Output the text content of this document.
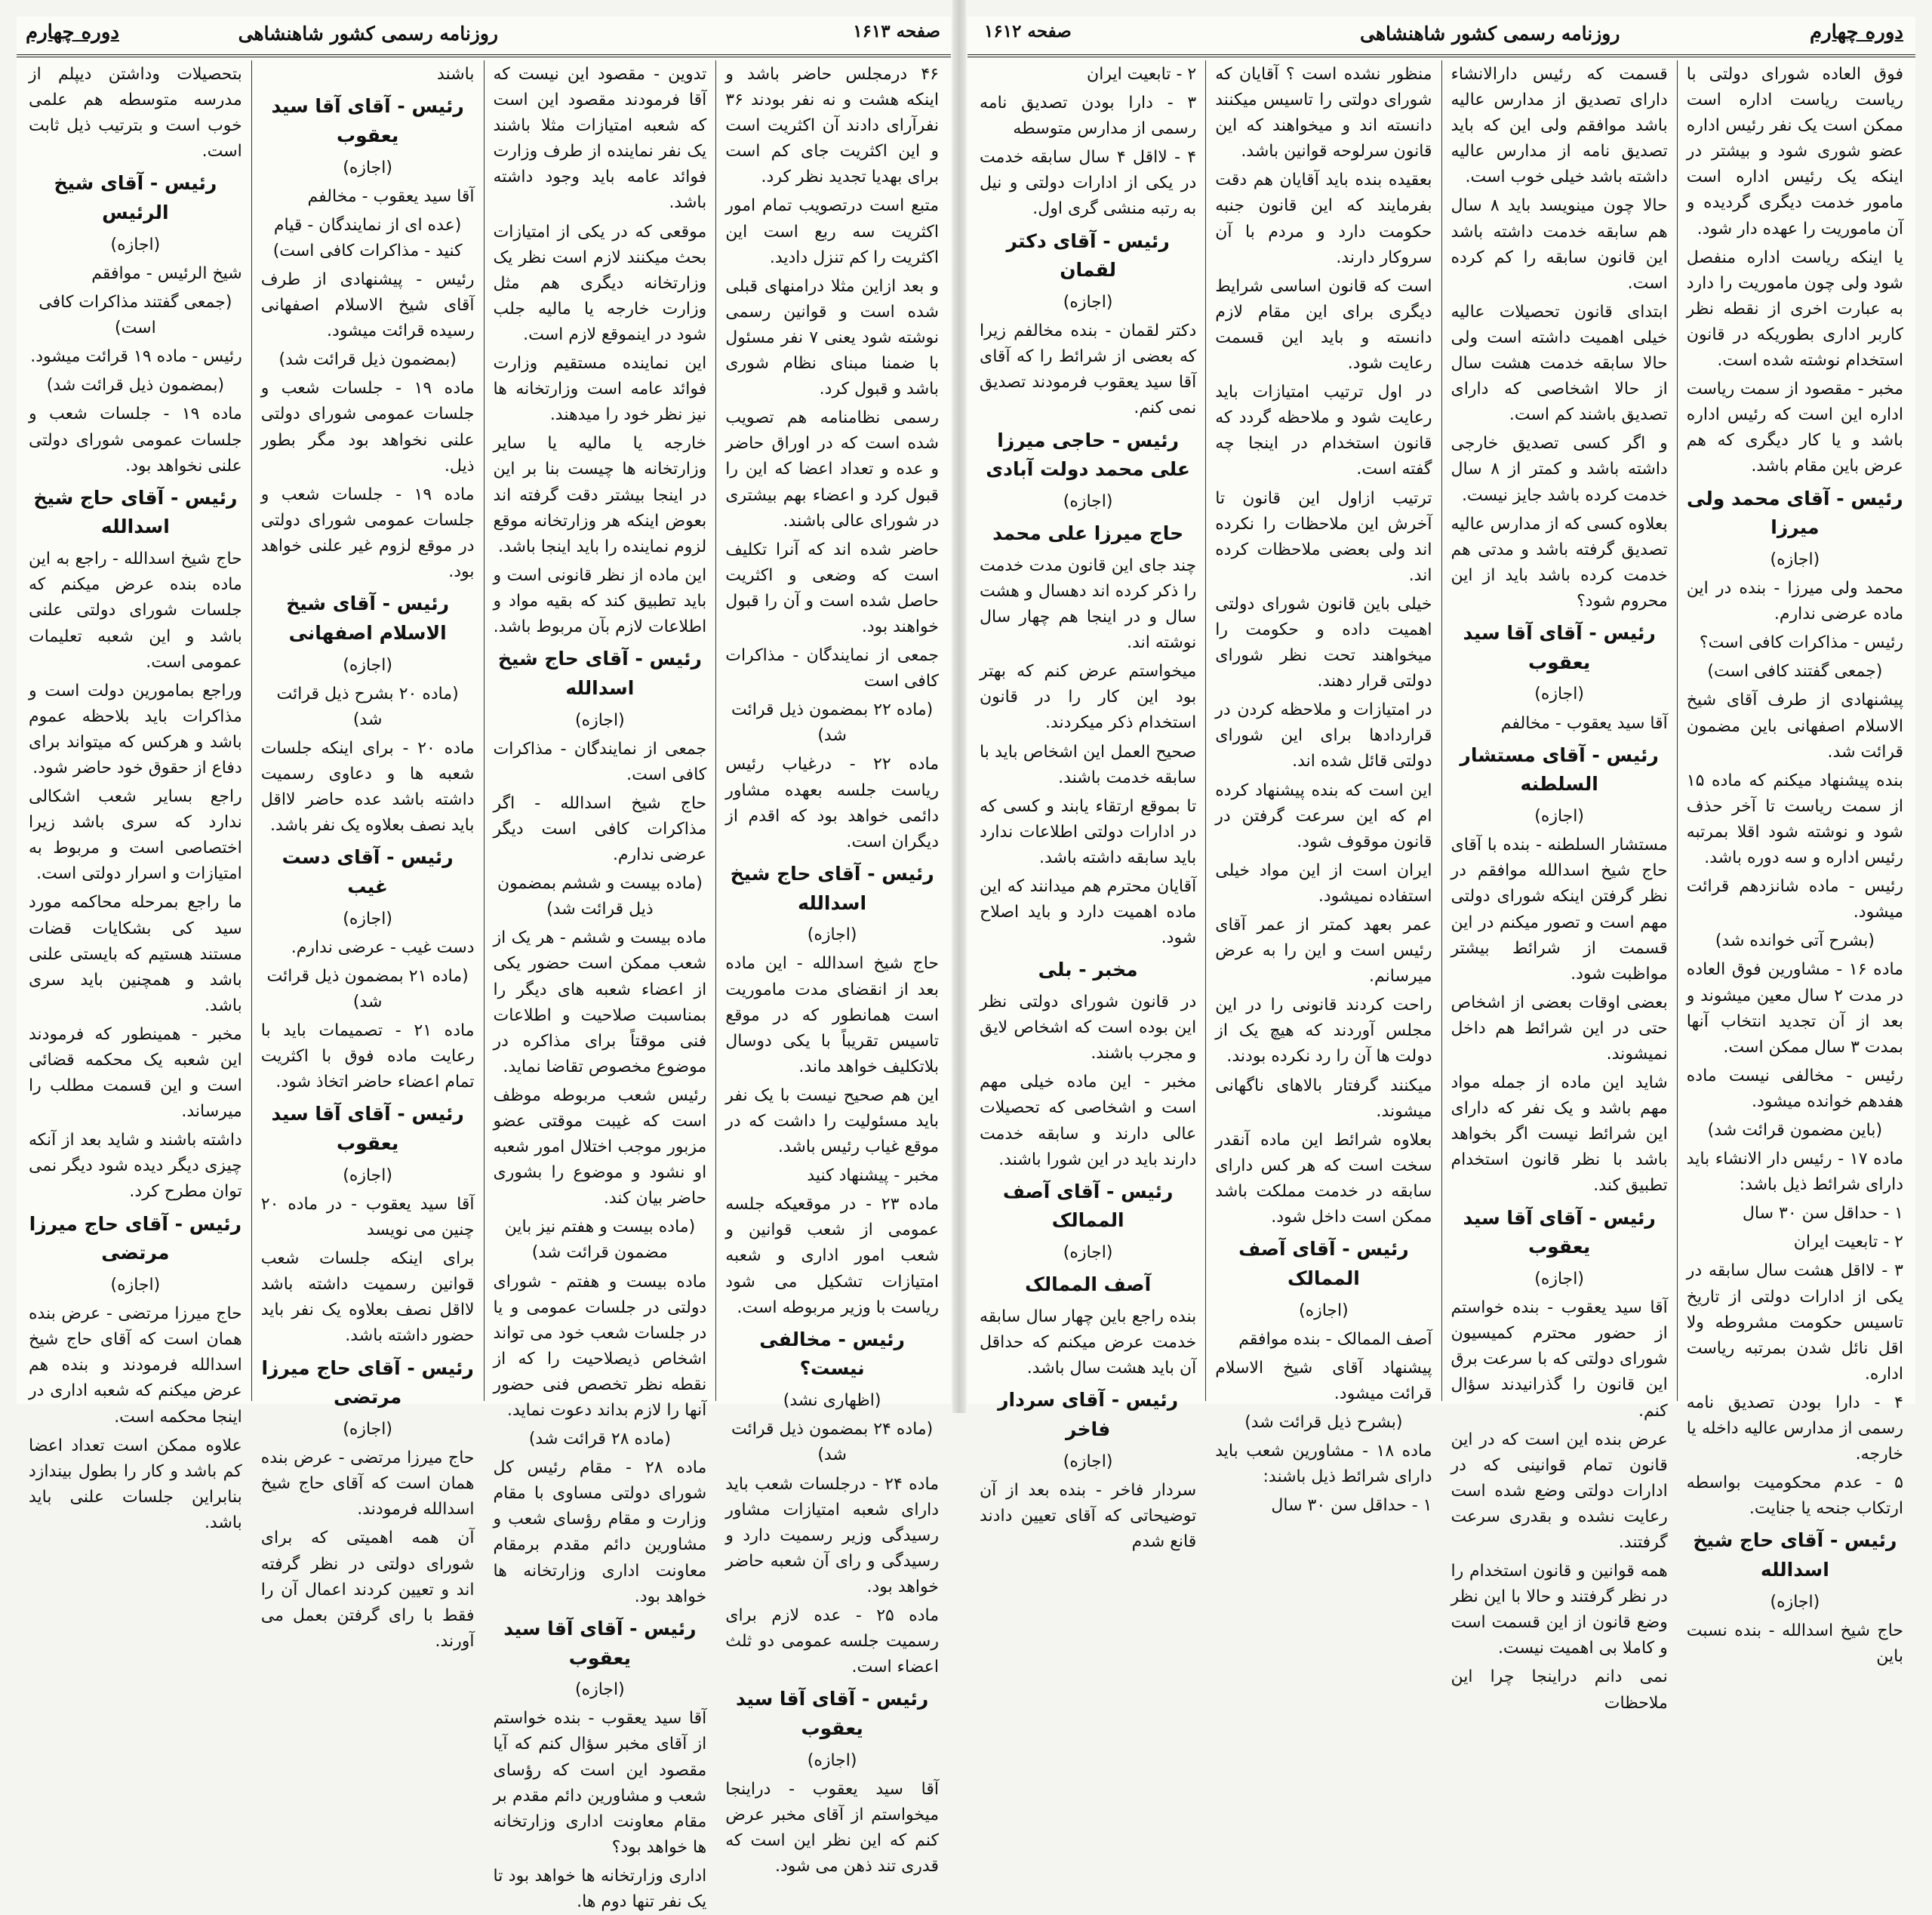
صفحه ۱۶۱۳
روزنامه رسمی کشور شاهنشاهی
دوره چهارم

۴۶ درمجلس حاضر باشد و اینکه هشت و نه نفر بودند ۳۶ نفرآرای دادند آن اکثریت است و این اکثریت جای کم است برای بهدیا تجدید نظر کرد.

متبع است درتصویب تمام امور اکثریت سه ربع است این اکثریت را کم تنزل دادید.

و بعد ازاین مثلا درامنهای قبلی شده است و قوانین رسمی نوشته شود یعنی ۷ نفر مسئول با ضمنا مبنای نظام شوری باشد و قبول کرد.

رسمی نظامنامه هم تصویب شده است که در اوراق حاضر و عده و تعداد اعضا که این را قبول کرد و اعضاء بهم بیشتری در شورای عالی باشند.

حاضر شده اند که آنرا تکلیف است که وضعی و اکثریت حاصل شده است و آن را قبول خواهند بود.

جمعی از نمایندگان - مذاکرات کافی است

(ماده ۲۲ بمضمون ذیل قرائت شد)

ماده ۲۲ - درغیاب رئیس ریاست جلسه بعهده مشاور دائمی خواهد بود که اقدم از دیگران است.

رئیس - آقای حاج شیخ اسدالله

(اجازه)

حاج شیخ اسدالله - این ماده بعد از انقضای مدت ماموریت است همانطور که در موقع تاسیس تقریباً با یکی دوسال بلاتکلیف خواهد ماند.

این هم صحیح نیست با یک نفر باید مسئولیت را داشت که در موقع غیاب رئیس باشد.

مخبر - پیشنهاد کنید

ماده ۲۳ - در موقعیکه جلسه عمومی از شعب قوانین و شعب امور اداری و شعبه امتیازات تشکیل می شود ریاست با وزیر مربوطه است.

رئیس - مخالفی نیست؟

(اظهاری نشد)

(ماده ۲۴ بمضمون ذیل قرائت شد)

ماده ۲۴ - درجلسات شعب باید دارای شعبه امتیازات مشاور رسیدگی وزیر رسمیت دارد و رسیدگی و رای آن شعبه حاضر خواهد بود.

ماده ۲۵ - عده لازم برای رسمیت جلسه عمومی دو ثلث اعضاء است.

رئیس - آقای آقا سید یعقوب

(اجازه)

آقا سید یعقوب - دراینجا میخواستم از آقای مخبر عرض کنم که این نظر این است که قدری تند ذهن می شود.

تدوین - مقصود این نیست که آقا فرمودند مقصود این است که شعبه امتیازات مثلا باشند یک نفر نماینده از طرف وزارت فوائد عامه باید وجود داشته باشد.

موقعی که در یکی از امتیازات بحث میکنند لازم است نظر یک وزارتخانه دیگری هم مثل وزارت خارجه یا مالیه جلب شود در اینموقع لازم است.

این نماینده مستقیم وزارت فوائد عامه است وزارتخانه ها نیز نظر خود را میدهند.

خارجه یا مالیه یا سایر وزارتخانه ها چیست بنا بر این در اینجا بیشتر دقت گرفته اند بعوض اینکه هر وزارتخانه موقع لزوم نماینده را باید اینجا باشد.

این ماده از نظر قانونی است و باید تطبیق کند که بقیه مواد و اطلاعات لازم بآن مربوط باشد.

رئیس - آقای حاج شیخ اسدالله

(اجازه)

جمعی از نمایندگان - مذاکرات کافی است.

حاج شیخ اسدالله - اگر مذاکرات کافی است دیگر عرضی ندارم.

(ماده بیست و ششم بمضمون ذیل قرائت شد)

ماده بیست و ششم - هر یک از شعب ممکن است حضور یکی از اعضاء شعبه های دیگر را بمناسبت صلاحیت و اطلاعات فنی موقتاً برای مذاکره در موضوع مخصوص تقاضا نماید.

رئیس شعب مربوطه موظف است که غیبت موقتی عضو مزبور موجب اختلال امور شعبه او نشود و موضوع را بشوری حاضر بیان کند.

(ماده بیست و هفتم نیز باین مضمون قرائت شد)

ماده بیست و هفتم - شورای دولتی در جلسات عمومی و یا در جلسات شعب خود می تواند اشخاص ذیصلاحیت را که از نقطه نظر تخصص فنی حضور آنها را لازم بداند دعوت نماید.

(ماده ۲۸ قرائت شد)

ماده ۲۸ - مقام رئیس کل شورای دولتی مساوی با مقام وزارت و مقام رؤسای شعب و مشاورین دائم مقدم برمقام معاونت اداری وزارتخانه ها خواهد بود.

رئیس - آقای آقا سید یعقوب

(اجازه)

آقا سید یعقوب - بنده خواستم از آقای مخبر سؤال کنم که آیا مقصود این است که رؤسای شعب و مشاورین دائم مقدم بر مقام معاونت اداری وزارتخانه ها خواهد بود؟

اداری وزارتخانه ها خواهد بود تا یک نفر تنها دوم ها.

باشند

رئیس - آقای آقا سید یعقوب

(اجازه)

آقا سید یعقوب - مخالفم

(عده ای از نمایندگان - قیام کنید - مذاکرات کافی است)

رئیس - پیشنهادی از طرف آقای شیخ الاسلام اصفهانی رسیده قرائت میشود.

(بمضمون ذیل قرائت شد)

ماده ۱۹ - جلسات شعب و جلسات عمومی شورای دولتی علنی نخواهد بود مگر بطور ذیل.

ماده ۱۹ - جلسات شعب و جلسات عمومی شورای دولتی در موقع لزوم غیر علنی خواهد بود.

رئیس - آقای شیخ الاسلام اصفهانی

(اجازه)

(ماده ۲۰ بشرح ذیل قرائت شد)

ماده ۲۰ - برای اینکه جلسات شعبه ها و دعاوی رسمیت داشته باشد عده حاضر لااقل باید نصف بعلاوه یک نفر باشد.

رئیس - آقای دست غیب

(اجازه)

دست غیب - عرضی ندارم.

(ماده ۲۱ بمضمون ذیل قرائت شد)

ماده ۲۱ - تصمیمات باید با رعایت ماده فوق با اکثریت تمام اعضاء حاضر اتخاذ شود.

رئیس - آقای آقا سید یعقوب

(اجازه)

آقا سید یعقوب - در ماده ۲۰ چنین می نویسد

برای اینکه جلسات شعب قوانین رسمیت داشته باشد لااقل نصف بعلاوه یک نفر باید حضور داشته باشد.

رئیس - آقای حاج میرزا مرتضی

(اجازه)

حاج میرزا مرتضی - عرض بنده همان است که آقای حاج شیخ اسدالله فرمودند.

آن همه اهمیتی که برای شورای دولتی در نظر گرفته اند و تعیین کردند اعمال آن را فقط با رای گرفتن بعمل می آورند.

بتحصیلات وداشتن دیپلم از مدرسه متوسطه هم علمی خوب است و بترتیب ذیل ثابت است.

رئیس - آقای شیخ الرئیس

(اجازه)

شیخ الرئیس - موافقم

(جمعی گفتند مذاکرات کافی است)

رئیس - ماده ۱۹ قرائت میشود.

(بمضمون ذیل قرائت شد)

ماده ۱۹ - جلسات شعب و جلسات عمومی شورای دولتی علنی نخواهد بود.

رئیس - آقای حاج شیخ اسدالله

حاج شیخ اسدالله - راجع به این ماده بنده عرض میکنم که جلسات شورای دولتی علنی باشد و این شعبه تعلیمات عمومی است.

وراجع بمامورین دولت است و مذاکرات باید بلاحظه عموم باشد و هرکس که میتواند برای دفاع از حقوق خود حاضر شود.

راجع بسایر شعب اشکالی ندارد که سری باشد زیرا اختصاصی است و مربوط به امتیازات و اسرار دولتی است.

ما راجع بمرحله محاکمه مورد سید کی بشکایات قضات مستند هستیم که بایستی علنی باشد و همچنین باید سری باشد.

مخبر - همینطور که فرمودند این شعبه یک محکمه قضائی است و این قسمت مطلب را میرساند.

داشته باشند و شاید بعد از آنکه چیزی دیگر دیده شود دیگر نمی توان مطرح کرد.

رئیس - آقای حاج میرزا مرتضی

(اجازه)

حاج میرزا مرتضی - عرض بنده همان است که آقای حاج شیخ اسدالله فرمودند و بنده هم عرض میکنم که شعبه اداری در اینجا محکمه است.

علاوه ممکن است تعداد اعضا کم باشد و کار را بطول بیندازد بنابراین جلسات علنی باید باشد.

دوره چهارم
روزنامه رسمی کشور شاهنشاهی
صفحه ۱۶۱۲

فوق العاده شورای دولتی با ریاست ریاست اداره است ممکن است یک نفر رئیس اداره عضو شوری شود و بیشتر در اینکه یک رئیس اداره است مامور خدمت دیگری گردیده و آن ماموریت را عهده دار شود.

یا اینکه ریاست اداره منفصل شود ولی چون ماموریت را دارد به عبارت اخری از نقطه نظر کاربر اداری بطوریکه در قانون استخدام نوشته شده است.

مخبر - مقصود از سمت ریاست اداره این است که رئیس اداره باشد و یا کار دیگری که هم عرض باین مقام باشد.

رئیس - آقای محمد ولی میرزا

(اجازه)

محمد ولی میرزا - بنده در این ماده عرضی ندارم.

رئیس - مذاکرات کافی است؟

(جمعی گفتند کافی است)

پیشنهادی از طرف آقای شیخ الاسلام اصفهانی باین مضمون قرائت شد.

بنده پیشنهاد میکنم که ماده ۱۵ از سمت ریاست تا آخر حذف شود و نوشته شود اقلا بمرتبه رئیس اداره و سه دوره باشد.

رئیس - ماده شانزدهم قرائت میشود.

(بشرح آتی خوانده شد)

ماده ۱۶ - مشاورین فوق العاده در مدت ۲ سال معین میشوند و بعد از آن تجدید انتخاب آنها بمدت ۳ سال ممکن است.

رئیس - مخالفی نیست ماده هفدهم خوانده میشود.

(باین مضمون قرائت شد)

ماده ۱۷ - رئیس دار الانشاء باید دارای شرائط ذیل باشد:

۱ - حداقل سن ۳۰ سال

۲ - تابعیت ایران

۳ - لااقل هشت سال سابقه در یکی از ادارات دولتی از تاریخ تاسیس حکومت مشروطه ولا اقل نائل شدن بمرتبه ریاست اداره.

۴ - دارا بودن تصدیق نامه رسمی از مدارس عالیه داخله یا خارجه.

۵ - عدم محکومیت بواسطه ارتکاب جنحه یا جنایت.

رئیس - آقای حاج شیخ اسدالله

(اجازه)

حاج شیخ اسدالله - بنده نسبت باین

قسمت که رئیس دارالانشاء دارای تصدیق از مدارس عالیه باشد موافقم ولی این که باید تصدیق نامه از مدارس عالیه داشته باشد خیلی خوب است.

حالا چون مینویسد باید ۸ سال هم سابقه خدمت داشته باشد این قانون سابقه را کم کرده است.

ابتدای قانون تحصیلات عالیه خیلی اهمیت داشته است ولی حالا سابقه خدمت هشت سال از حالا اشخاصی که دارای تصدیق باشند کم است.

و اگر کسی تصدیق خارجی داشته باشد و کمتر از ۸ سال خدمت کرده باشد جایز نیست.

بعلاوه کسی که از مدارس عالیه تصدیق گرفته باشد و مدتی هم خدمت کرده باشد باید از این محروم شود؟

رئیس - آقای آقا سید یعقوب

(اجازه)

آقا سید یعقوب - مخالفم

رئیس - آقای مستشار السلطنه

(اجازه)

مستشار السلطنه - بنده با آقای حاج شیخ اسدالله موافقم در نظر گرفتن اینکه شورای دولتی مهم است و تصور میکنم در این قسمت از شرائط بیشتر مواظبت شود.

بعضی اوقات بعضی از اشخاص حتی در این شرائط هم داخل نمیشوند.

شاید این ماده از جمله مواد مهم باشد و یک نفر که دارای این شرائط نیست اگر بخواهد باشد با نظر قانون استخدام تطبیق کند.

رئیس - آقای آقا سید یعقوب

(اجازه)

آقا سید یعقوب - بنده خواستم از حضور محترم کمیسیون شورای دولتی که با سرعت برق این قانون را گذرانیدند سؤال کنم.

عرض بنده این است که در این قانون تمام قوانینی که در ادارات دولتی وضع شده است رعایت نشده و بقدری سرعت گرفتند.

همه قوانین و قانون استخدام را در نظر گرفتند و حالا با این نظر وضع قانون از این قسمت است و کاملا بی اهمیت نیست.

نمی دانم دراینجا چرا این ملاحظات

منظور نشده است ؟ آقایان که شورای دولتی را تاسیس میکنند دانسته اند و میخواهند که این قانون سرلوحه قوانین باشد.

بعقیده بنده باید آقایان هم دقت بفرمایند که این قانون جنبه حکومت دارد و مردم با آن سروکار دارند.

است که قانون اساسی شرایط دیگری برای این مقام لازم دانسته و باید این قسمت رعایت شود.

در اول ترتیب امتیازات باید رعایت شود و ملاحظه گردد که قانون استخدام در اینجا چه گفته است.

ترتیب ازاول این قانون تا آخرش این ملاحظات را نکرده اند ولی بعضی ملاحظات کرده اند.

خیلی باین قانون شورای دولتی اهمیت داده و حکومت را میخواهند تحت نظر شورای دولتی قرار دهند.

در امتیازات و ملاحظه کردن در قراردادها برای این شورای دولتی قائل شده اند.

این است که بنده پیشنهاد کرده ام که این سرعت گرفتن در قانون موقوف شود.

ایران است از این مواد خیلی استفاده نمیشود.

عمر بعهد کمتر از عمر آقای رئیس است و این را به عرض میرسانم.

راحت کردند قانونی را در این مجلس آوردند که هیچ یک از دولت ها آن را رد نکرده بودند.

میکنند گرفتار بالاهای ناگهانی میشوند.

بعلاوه شرائط این ماده آنقدر سخت است که هر کس دارای سابقه در خدمت مملکت باشد ممکن است داخل شود.

رئیس - آقای آصف الممالک

(اجازه)

آصف الممالک - بنده موافقم

پیشنهاد آقای شیخ الاسلام قرائت میشود.

(بشرح ذیل قرائت شد)

ماده ۱۸ - مشاورین شعب باید دارای شرائط ذیل باشند:

۱ - حداقل سن ۳۰ سال

۲ - تابعیت ایران

۳ - دارا بودن تصدیق نامه رسمی از مدارس متوسطه

۴ - لااقل ۴ سال سابقه خدمت در یکی از ادارات دولتی و نیل به رتبه منشی گری اول.

رئیس - آقای دکتر لقمان

(اجازه)

دکتر لقمان - بنده مخالفم زیرا که بعضی از شرائط را که آقای آقا سید یعقوب فرمودند تصدیق نمی کنم.

رئیس - حاجی میرزا علی محمد دولت آبادی

(اجازه)

حاج میرزا علی محمد

چند جای این قانون مدت خدمت را ذکر کرده اند دهسال و هشت سال و در اینجا هم چهار سال نوشته اند.

میخواستم عرض کنم که بهتر بود این کار را در قانون استخدام ذکر میکردند.

صحیح العمل این اشخاص باید با سابقه خدمت باشند.

تا بموقع ارتقاء یابند و کسی که در ادارات دولتی اطلاعات ندارد باید سابقه داشته باشد.

آقایان محترم هم میدانند که این ماده اهمیت دارد و باید اصلاح شود.

مخبر - بلی

در قانون شورای دولتی نظر این بوده است که اشخاص لایق و مجرب باشند.

مخبر - این ماده خیلی مهم است و اشخاصی که تحصیلات عالی دارند و سابقه خدمت دارند باید در این شورا باشند.

رئیس - آقای آصف الممالک

(اجازه)

آصف الممالک

بنده راجع باین چهار سال سابقه خدمت عرض میکنم که حداقل آن باید هشت سال باشد.

رئیس - آقای سردار فاخر

(اجازه)

سردار فاخر - بنده بعد از آن توضیحاتی که آقای تعیین دادند قانع شدم
